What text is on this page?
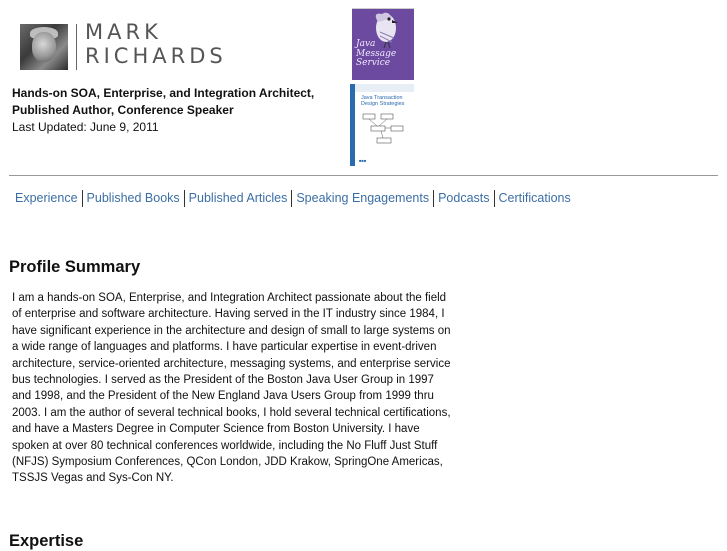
MARK
RICHARDS
Hands-on SOA, Enterprise, and Integration Architect,
Published Author, Conference Speaker
Last Updated: June 9, 2011
Java
Message
Service
Java Transaction
Design Strategies
■■■
Experience Published Books Published Articles Speaking Engagements Podcasts Certifications
Profile Summary

I am a hands-on SOA, Enterprise, and Integration Architect passionate about the field of enterprise and software architecture. Having served in the IT industry since 1984, I have significant experience in the architecture and design of small to large systems on a wide range of languages and platforms. I have particular expertise in event-driven architecture, service-oriented architecture, messaging systems, and enterprise service bus technologies. I served as the President of the Boston Java User Group in 1997 and 1998, and the President of the New England Java Users Group from 1999 thru 2003. I am the author of several technical books, I hold several technical certifications, and have a Masters Degree in Computer Science from Boston University. I have spoken at over 80 technical conferences worldwide, including the No Fluff Just Stuff (NFJS) Symposium Conferences, QCon London, JDD Krakow, SpringOne Americas, TSSJS Vegas and Sys-Con NY.

Expertise
